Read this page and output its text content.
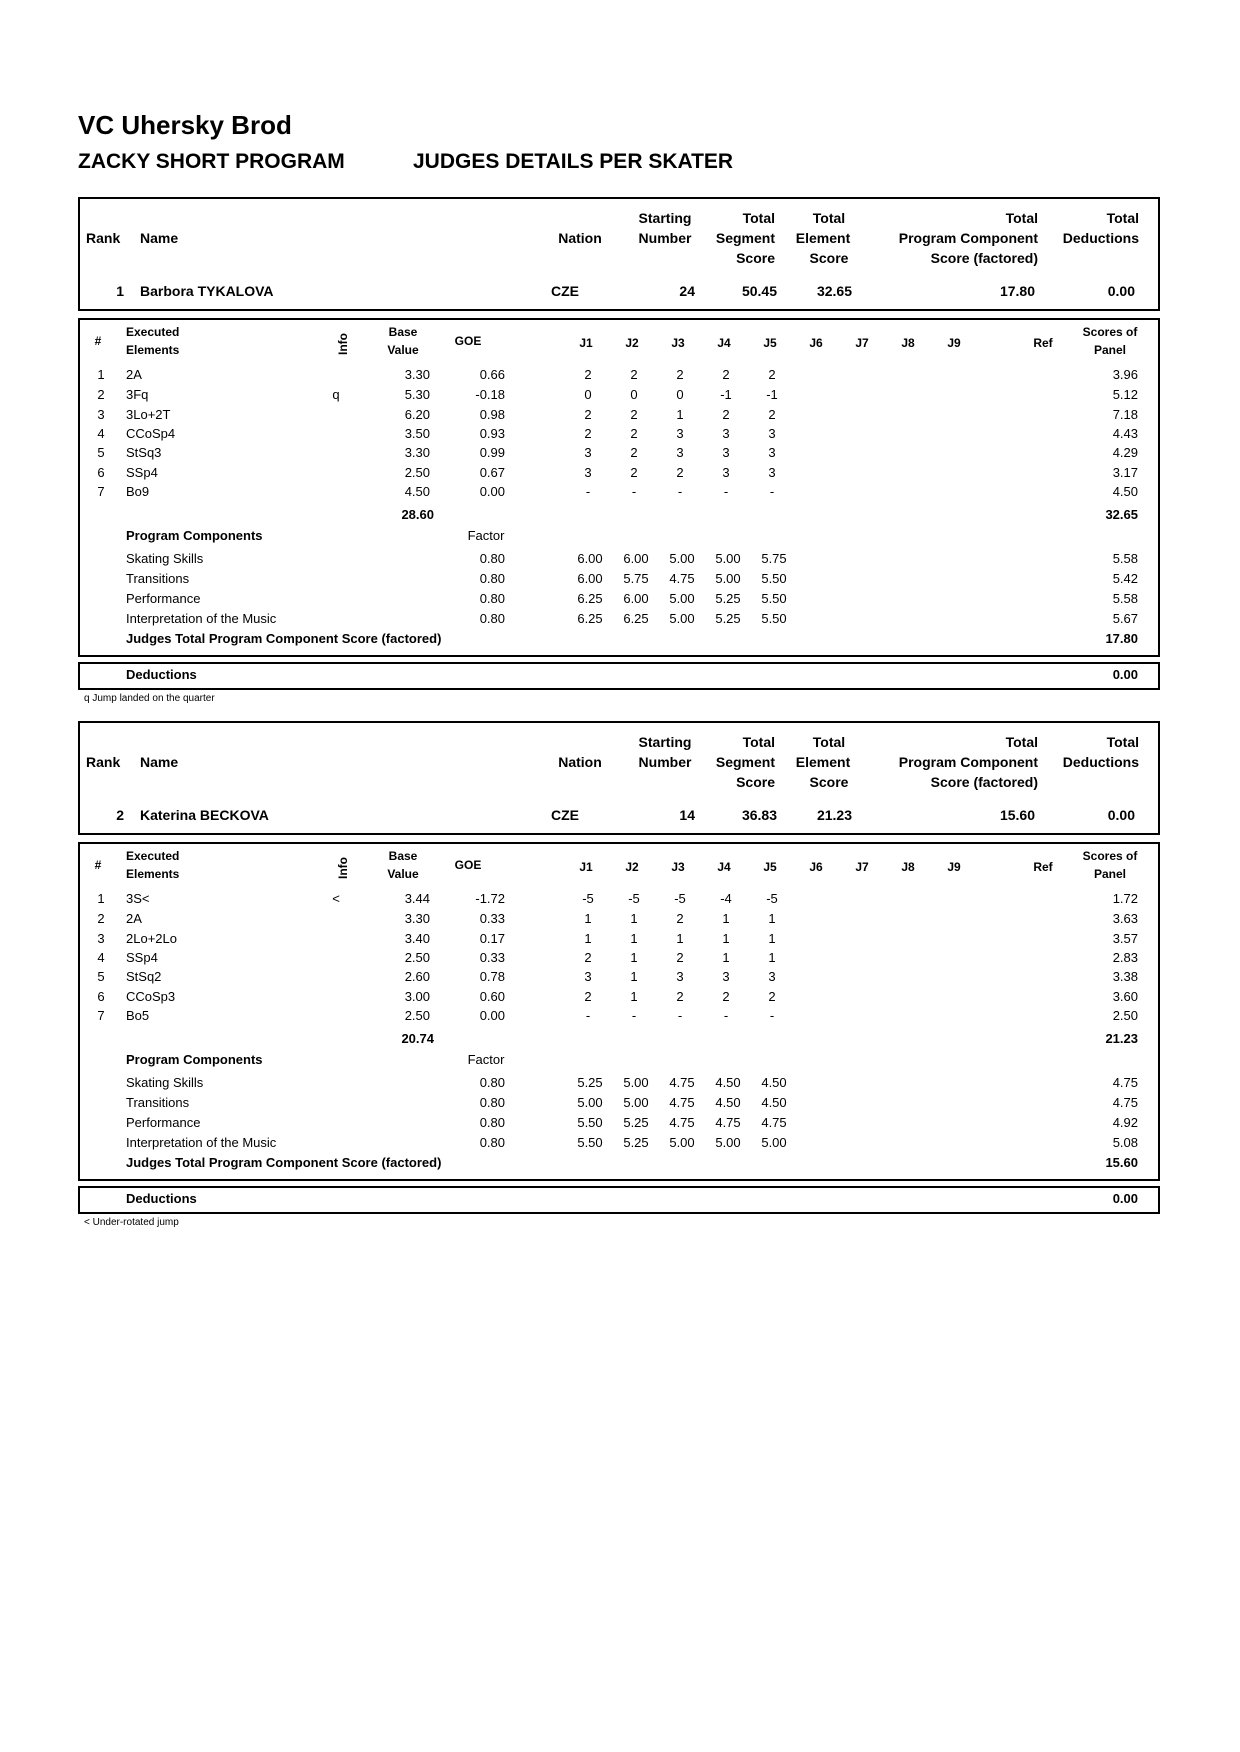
VC Uhersky Brod
ZACKY SHORT PROGRAM	JUDGES DETAILS PER SKATER
Rank Name	Nation
Starting
Number
Total
Segment
Score
Total
Element
Score
Total
Program Component
Score (factored)
Total
Deductions
1 Barbora TYKALOVA	CZE	24	50.45	32.65	17.80	0.00
#
Executed
Elements	Info
Base
Value
GOE	J1	J2	J3	J4	J5	J6	J7	J8	J9	Ref
Scores of
Panel
1	2A	3.30	0.66	2	2	2	2	2	3.96
2	3Fq	q	5.30	-0.18	0	0	0	-1	-1	5.12
3	3Lo+2T	6.20	0.98	2	2	1	2	2	7.18
4	CCoSp4	3.50	0.93	2	2	3	3	3	4.43
5	StSq3	3.30	0.99	3	2	3	3	3	4.29
6	SSp4	2.50	0.67	3	2	2	3	3	3.17
7	Bo9	4.50	0.00	-	-	-	-	-	4.50
28.60	32.65
Program Components	Factor
Skating Skills	0.80	6.00	6.00	5.00	5.00	5.75	5.58
Transitions	0.80	6.00	5.75	4.75	5.00	5.50	5.42
Performance	0.80	6.25	6.00	5.00	5.25	5.50	5.58
Interpretation of the Music	0.80	6.25	6.25	5.00	5.25	5.50	5.67
Judges Total Program Component Score (factored)	17.80
Deductions	0.00
q Jump landed on the quarter
Rank Name	Nation
Starting
Number
Total
Segment
Score
Total
Element
Score
Total
Program Component
Score (factored)
Total
Deductions
2 Katerina BECKOVA	CZE	14	36.83	21.23	15.60	0.00
#
Executed
Elements	Info
Base
Value
GOE	J1	J2	J3	J4	J5	J6	J7	J8	J9	Ref
Scores of
Panel
1	3S<	<	3.44	-1.72	-5	-5	-5	-4	-5	1.72
2	2A	3.30	0.33	1	1	2	1	1	3.63
3	2Lo+2Lo	3.40	0.17	1	1	1	1	1	3.57
4	SSp4	2.50	0.33	2	1	2	1	1	2.83
5	StSq2	2.60	0.78	3	1	3	3	3	3.38
6	CCoSp3	3.00	0.60	2	1	2	2	2	3.60
7	Bo5	2.50	0.00	-	-	-	-	-	2.50
20.74	21.23
Program Components	Factor
Skating Skills	0.80	5.25	5.00	4.75	4.50	4.50	4.75
Transitions	0.80	5.00	5.00	4.75	4.50	4.50	4.75
Performance	0.80	5.50	5.25	4.75	4.75	4.75	4.92
Interpretation of the Music	0.80	5.50	5.25	5.00	5.00	5.00	5.08
Judges Total Program Component Score (factored)	15.60
Deductions	0.00
< Under-rotated jump
